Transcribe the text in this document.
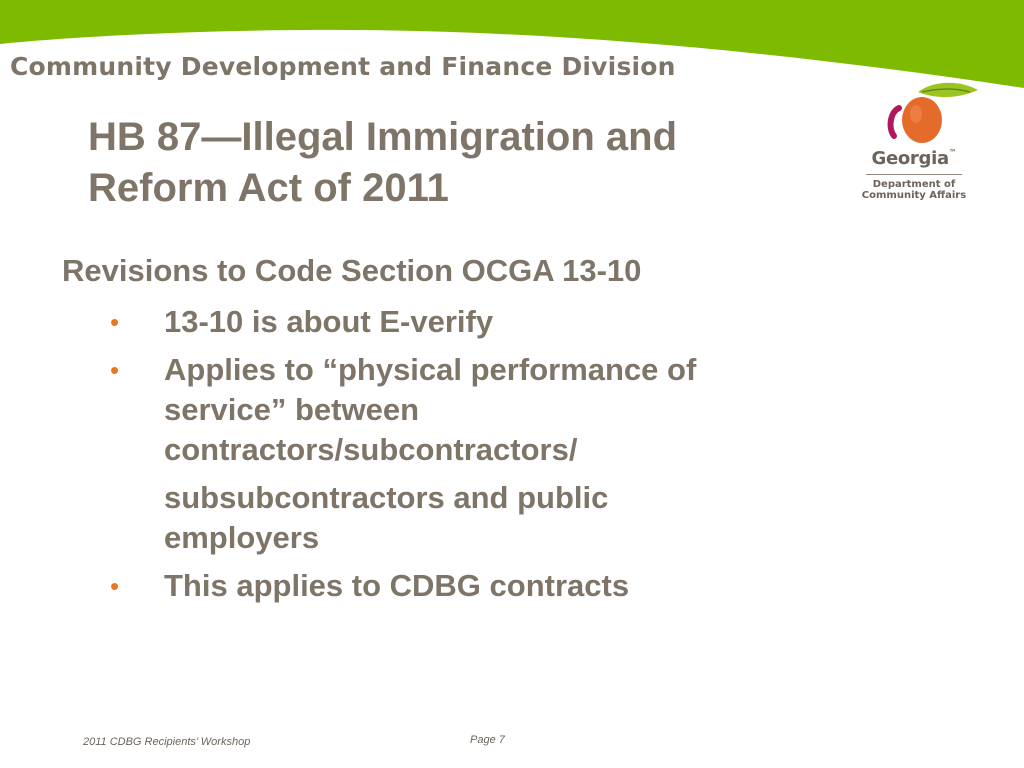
Community Development and Finance Division
Georgia™
Department of
Community Affairs
HB 87—Illegal Immigration and
Reform Act of 2011
Revisions to Code Section OCGA 13-10
• 13-10 is about E-verify
• Applies to “physical performance of
service” between
contractors/subcontractors/
subsubcontractors and public
employers
• This applies to CDBG contracts
2011 CDBG Recipients’ Workshop	Page 7
